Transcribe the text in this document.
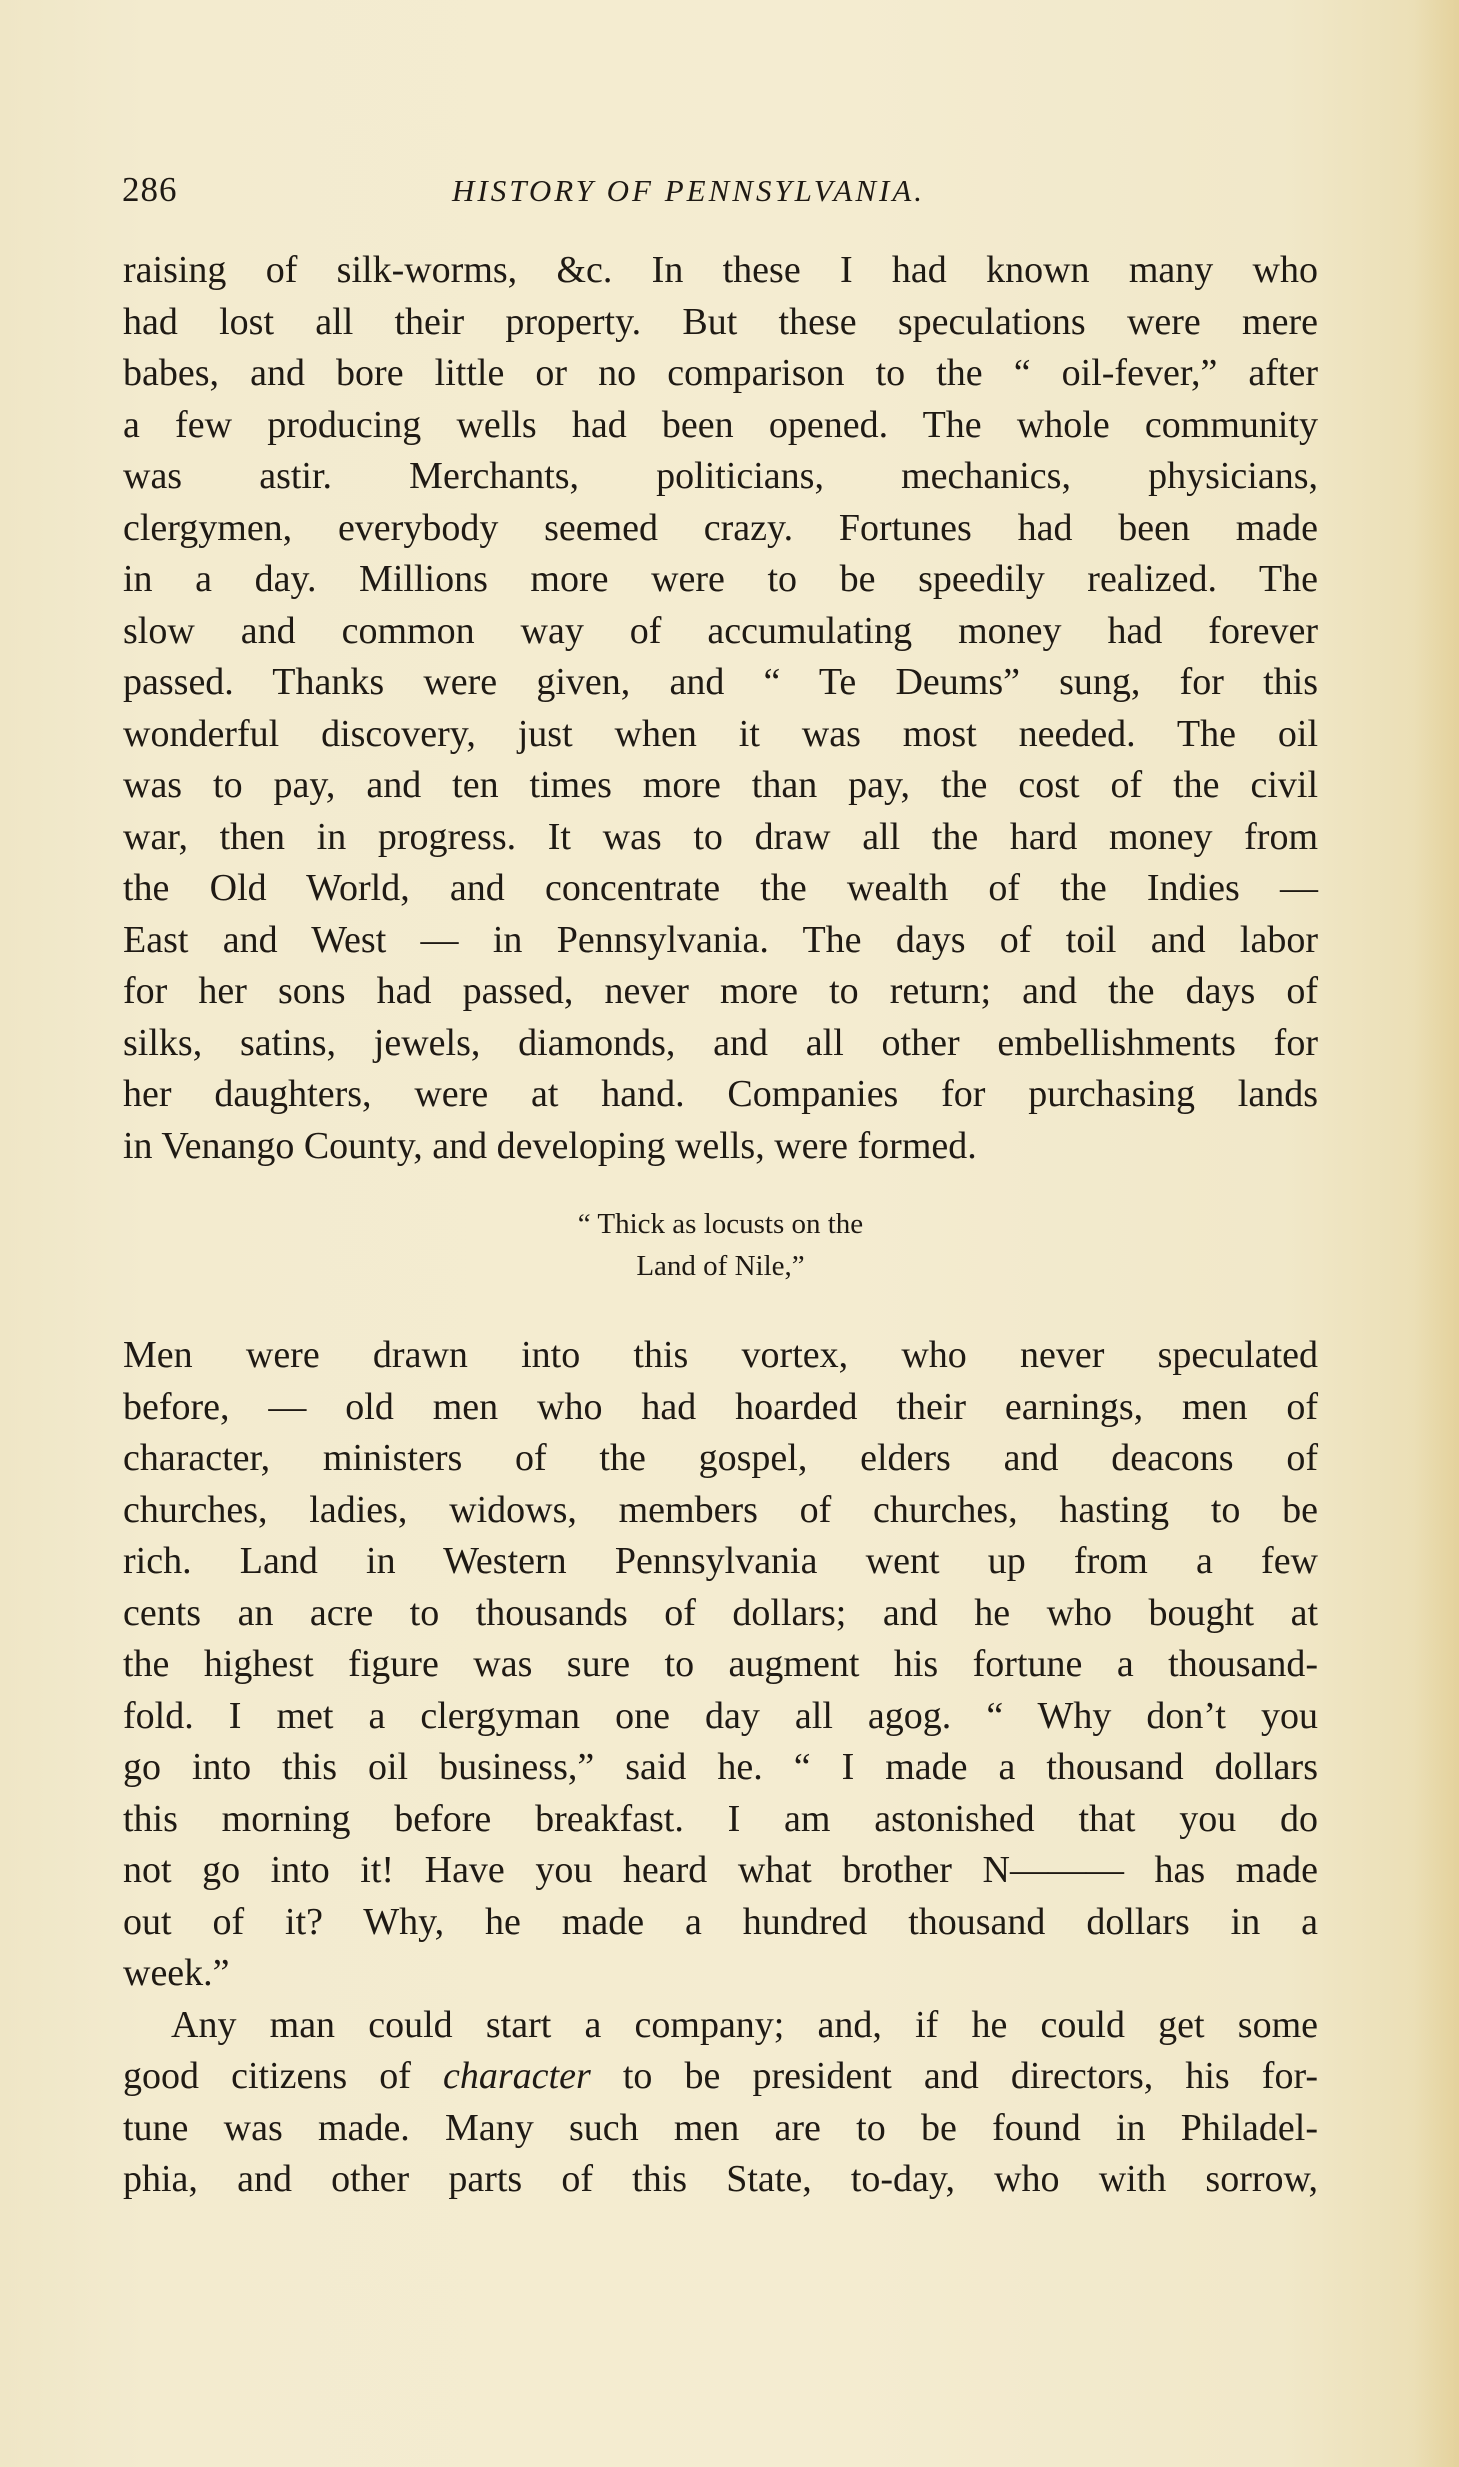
286	HISTORY OF PENNSYLVANIA.
raising of silk-worms, &c. In these I had known many who
had lost all their property. But these speculations were mere
babes, and bore little or no comparison to the “ oil-fever,” after
a few producing wells had been opened. The whole community
was astir. Merchants, politicians, mechanics, physicians,
clergymen, everybody seemed crazy. Fortunes had been made
in a day. Millions more were to be speedily realized. The
slow and common way of accumulating money had forever
passed. Thanks were given, and “ Te Deums” sung, for this
wonderful discovery, just when it was most needed. The oil
was to pay, and ten times more than pay, the cost of the civil
war, then in progress. It was to draw all the hard money from
the Old World, and concentrate the wealth of the Indies —
East and West — in Pennsylvania. The days of toil and labor
for her sons had passed, never more to return; and the days of
silks, satins, jewels, diamonds, and all other embellishments for
her daughters, were at hand. Companies for purchasing lands
in Venango County, and developing wells, were formed.
“ Thick as locusts on the
Land of Nile,”
Men were drawn into this vortex, who never speculated
before, — old men who had hoarded their earnings, men of
character, ministers of the gospel, elders and deacons of
churches, ladies, widows, members of churches, hasting to be
rich. Land in Western Pennsylvania went up from a few
cents an acre to thousands of dollars; and he who bought at
the highest figure was sure to augment his fortune a thousand-
fold. I met a clergyman one day all agog. “ Why don’t you
go into this oil business,” said he. “ I made a thousand dollars
this morning before breakfast. I am astonished that you do
not go into it! Have you heard what brother N——— has made
out of it? Why, he made a hundred thousand dollars in a
week.”
Any man could start a company; and, if he could get some
good citizens of character to be president and directors, his for-
tune was made. Many such men are to be found in Philadel-
phia, and other parts of this State, to-day, who with sorrow,
